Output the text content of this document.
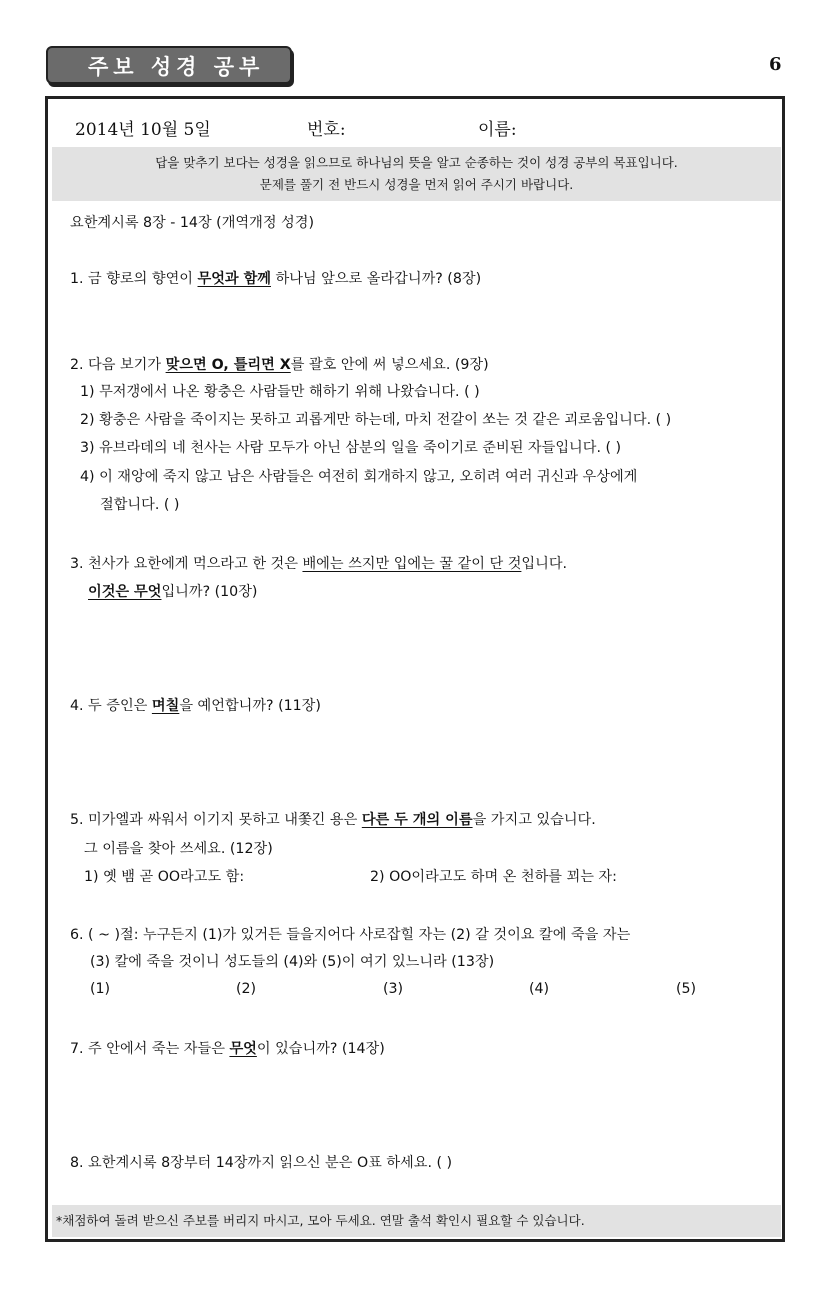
주보 성경 공부	6
2014년 10월 5일	번호:	이름:
답을 맞추기 보다는 성경을 읽으므로 하나님의 뜻을 알고 순종하는 것이 성경 공부의 목표입니다.
문제를 풀기 전 반드시 성경을 먼저 읽어 주시기 바랍니다.
요한계시록 8장 - 14장 (개역개정 성경)
1. 금 향로의 향연이 무엇과 함께 하나님 앞으로 올라갑니까? (8장)
2. 다음 보기가 맞으면 O, 틀리면 X를 괄호 안에 써 넣으세요. (9장)
1) 무저갱에서 나온 황충은 사람들만 해하기 위해 나왔습니다. ( )
2) 황충은 사람을 죽이지는 못하고 괴롭게만 하는데, 마치 전갈이 쏘는 것 같은 괴로움입니다. ( )
3) 유브라데의 네 천사는 사람 모두가 아닌 삼분의 일을 죽이기로 준비된 자들입니다. ( )
4) 이 재앙에 죽지 않고 남은 사람들은 여전히 회개하지 않고, 오히려 여러 귀신과 우상에게
절합니다. ( )
3. 천사가 요한에게 먹으라고 한 것은 배에는 쓰지만 입에는 꿀 같이 단 것입니다.
이것은 무엇입니까? (10장)
4. 두 증인은 며칠을 예언합니까? (11장)
5. 미가엘과 싸워서 이기지 못하고 내쫓긴 용은 다른 두 개의 이름을 가지고 있습니다.
그 이름을 찾아 쓰세요. (12장)
1) 옛 뱀 곧 OO라고도 함:	2) OO이라고도 하며 온 천하를 꾀는 자:
6. ( ~ )절: 누구든지 (1)가 있거든 들을지어다 사로잡힐 자는 (2) 갈 것이요 칼에 죽을 자는
(3) 칼에 죽을 것이니 성도들의 (4)와 (5)이 여기 있느니라 (13장)
(1)	(2)	(3)	(4)	(5)
7. 주 안에서 죽는 자들은 무엇이 있습니까? (14장)
8. 요한계시록 8장부터 14장까지 읽으신 분은 O표 하세요. ( )
*채점하여 돌려 받으신 주보를 버리지 마시고, 모아 두세요. 연말 출석 확인시 필요할 수 있습니다.
